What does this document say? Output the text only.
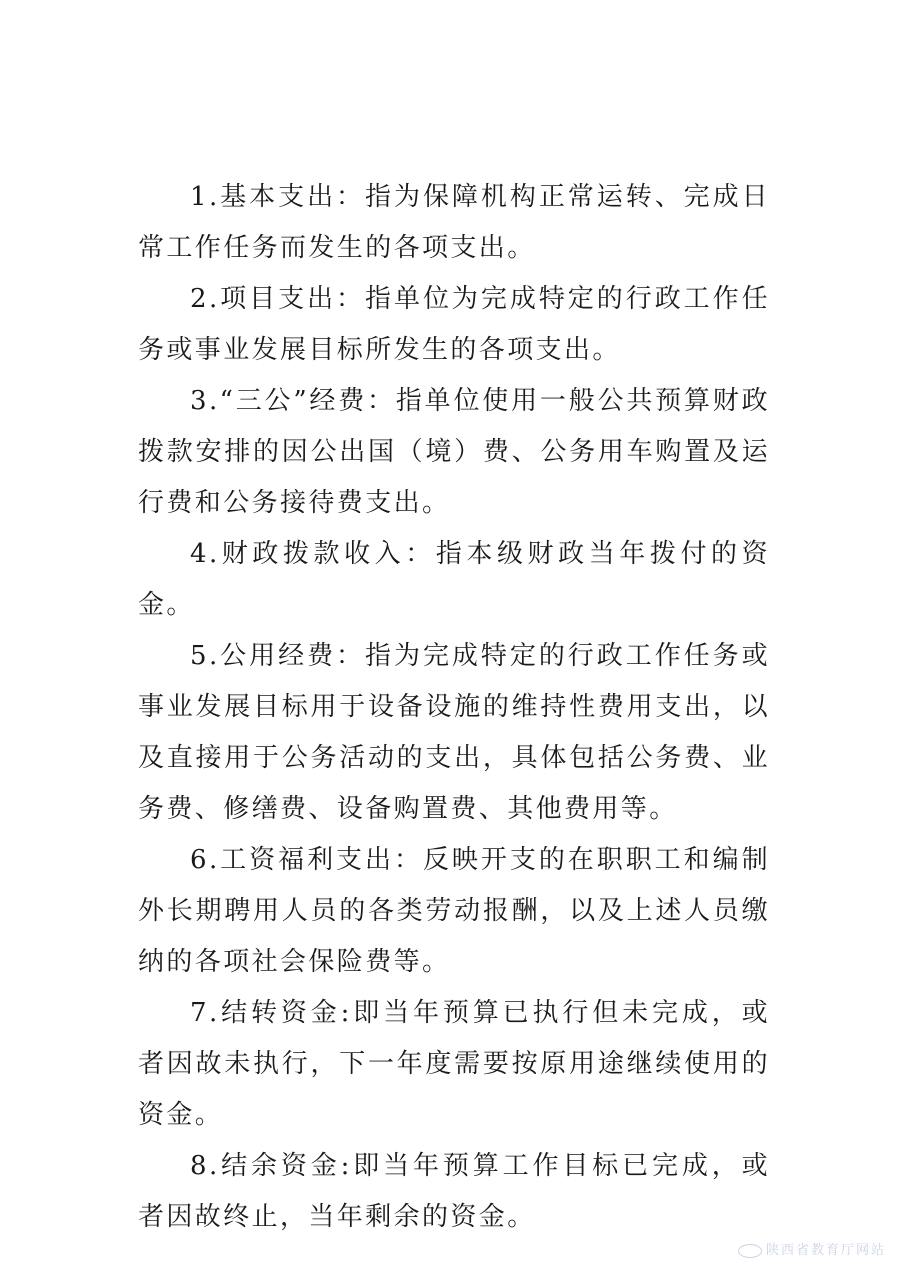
1.基本支出：指为保障机构正常运转、完成日常工作任务而发生的各项支出。

2.项目支出：指单位为完成特定的行政工作任务或事业发展目标所发生的各项支出。

3.“三公”经费：指单位使用一般公共预算财政拨款安排的因公出国（境）费、公务用车购置及运行费和公务接待费支出。

4.财政拨款收入：指本级财政当年拨付的资金。

5.公用经费：指为完成特定的行政工作任务或事业发展目标用于设备设施的维持性费用支出，以及直接用于公务活动的支出，具体包括公务费、业务费、修缮费、设备购置费、其他费用等。

6.工资福利支出：反映开支的在职职工和编制外长期聘用人员的各类劳动报酬，以及上述人员缴纳的各项社会保险费等。

7.结转资金:即当年预算已执行但未完成，或者因故未执行，下一年度需要按原用途继续使用的资金。

8.结余资金:即当年预算工作目标已完成，或者因故终止，当年剩余的资金。

陕西省教育厅网站
